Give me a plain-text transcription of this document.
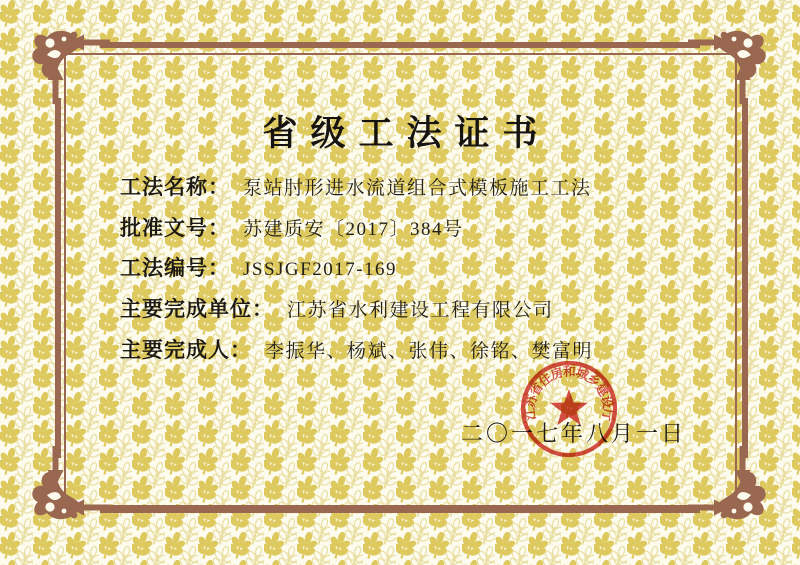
省级工法证书
工法名称： 泵站肘形进水流道组合式模板施工工法
批准文号： 苏建质安〔2017〕384号
工法编号： JSSJGF2017-169
主要完成单位： 江苏省水利建设工程有限公司
主要完成人： 李振华、杨斌、张伟、徐铭、樊富明
二〇一七年八月一日
江苏省住房和城乡建设厅
